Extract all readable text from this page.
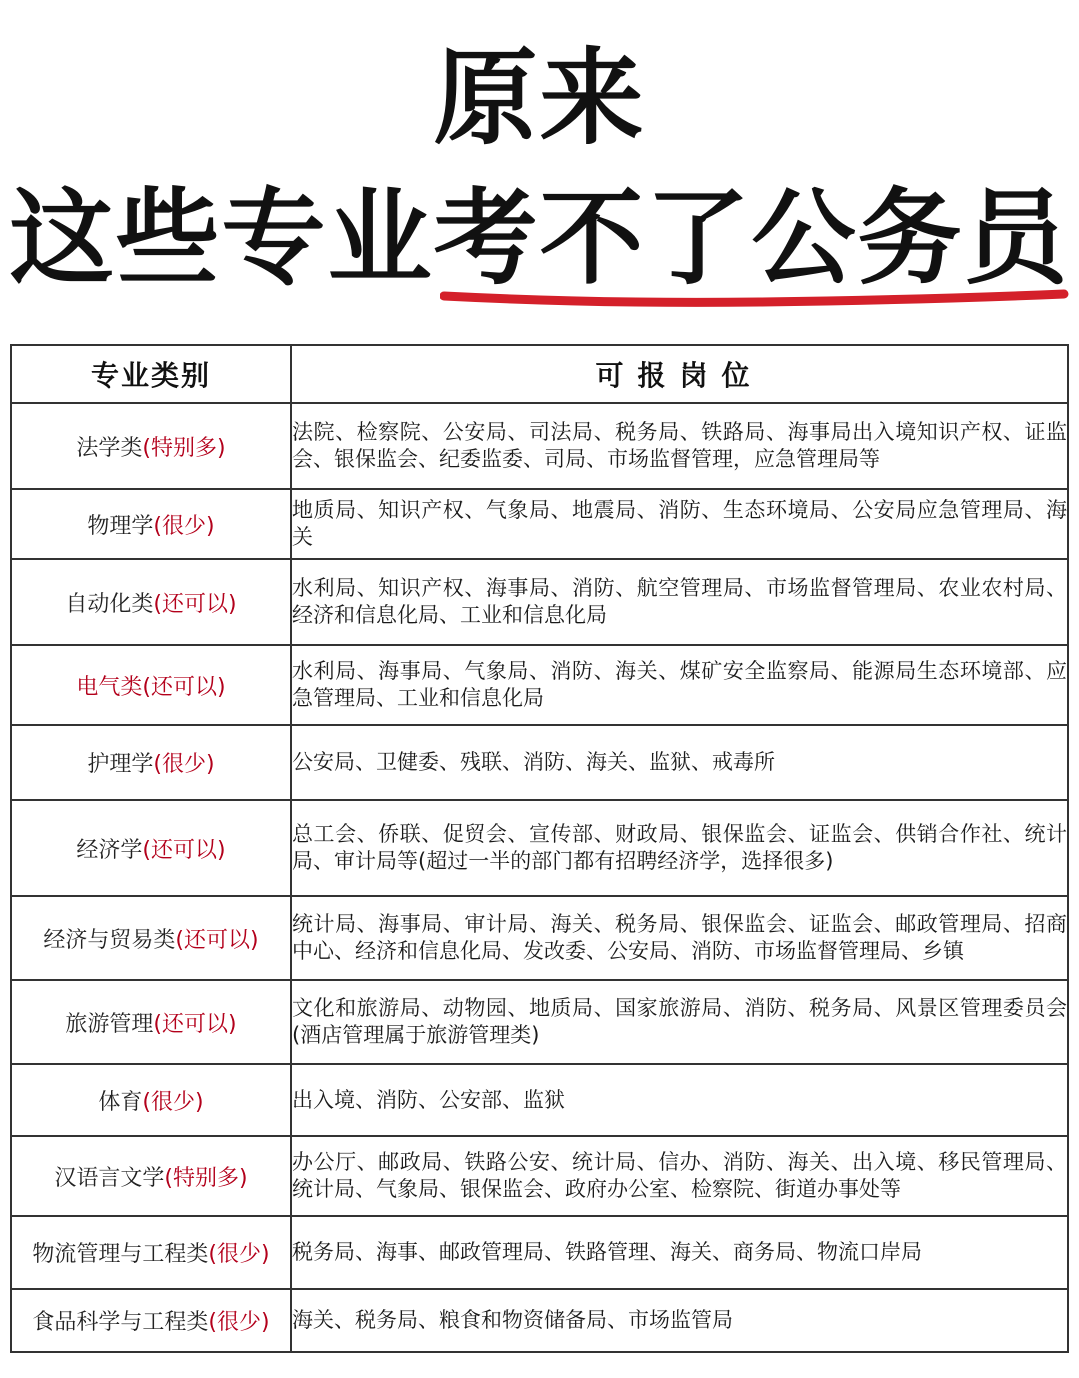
原来
这些专业考不了公务员
专业类别	可报岗位
法学类(特别多)	法院、检察院、公安局、司法局、税务局、铁路局、海事局出入境知识产权、证监会、银保监会、纪委监委、司局、市场监督管理，应急管理局等
物理学(很少)	地质局、知识产权、气象局、地震局、消防、生态环境局、公安局应急管理局、海关
自动化类(还可以)	水利局、知识产权、海事局、消防、航空管理局、市场监督管理局、农业农村局、经济和信息化局、工业和信息化局
电气类(还可以)	水利局、海事局、气象局、消防、海关、煤矿安全监察局、能源局生态环境部、应急管理局、工业和信息化局
护理学(很少)	公安局、卫健委、残联、消防、海关、监狱、戒毒所
经济学(还可以)	总工会、侨联、促贸会、宣传部、财政局、银保监会、证监会、供销合作社、统计局、审计局等(超过一半的部门都有招聘经济学，选择很多)
经济与贸易类(还可以)	统计局、海事局、审计局、海关、税务局、银保监会、证监会、邮政管理局、招商中心、经济和信息化局、发改委、公安局、消防、市场监督管理局、乡镇
旅游管理(还可以)	文化和旅游局、动物园、地质局、国家旅游局、消防、税务局、风景区管理委员会(酒店管理属于旅游管理类)
体育(很少)	出入境、消防、公安部、监狱
汉语言文学(特别多)	办公厅、邮政局、铁路公安、统计局、信办、消防、海关、出入境、移民管理局、统计局、气象局、银保监会、政府办公室、检察院、街道办事处等
物流管理与工程类(很少)	税务局、海事、邮政管理局、铁路管理、海关、商务局、物流口岸局
食品科学与工程类(很少)	海关、税务局、粮食和物资储备局、市场监管局
